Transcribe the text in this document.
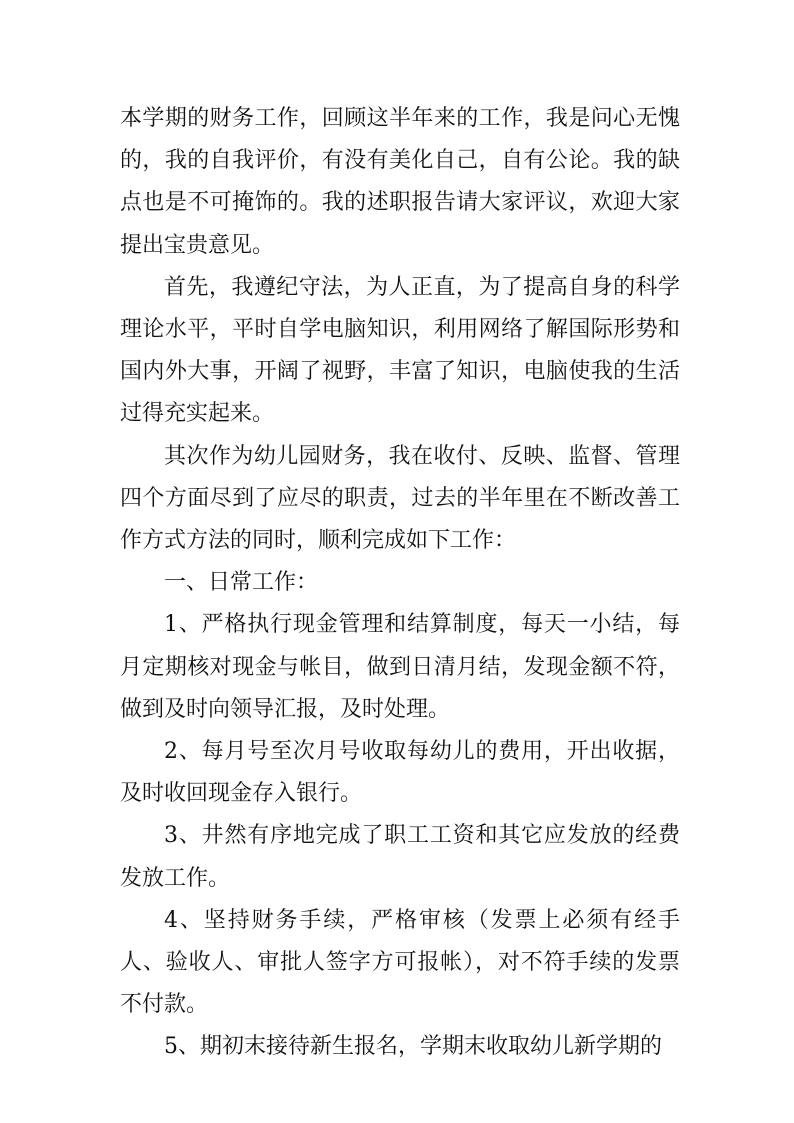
本学期的财务工作，回顾这半年来的工作，我是问心无愧的，我的自我评价，有没有美化自己，自有公论。我的缺点也是不可掩饰的。我的述职报告请大家评议，欢迎大家提出宝贵意见。

首先，我遵纪守法，为人正直，为了提高自身的科学理论水平，平时自学电脑知识，利用网络了解国际形势和国内外大事，开阔了视野，丰富了知识，电脑使我的生活过得充实起来。

其次作为幼儿园财务，我在收付、反映、监督、管理四个方面尽到了应尽的职责，过去的半年里在不断改善工作方式方法的同时，顺利完成如下工作：

一、日常工作：

1、严格执行现金管理和结算制度，每天一小结，每月定期核对现金与帐目，做到日清月结，发现金额不符，做到及时向领导汇报，及时处理。

2、每月号至次月号收取每幼儿的费用，开出收据，及时收回现金存入银行。

3、井然有序地完成了职工工资和其它应发放的经费发放工作。

4、坚持财务手续，严格审核（发票上必须有经手人、验收人、审批人签字方可报帐），对不符手续的发票不付款。

5、期初末接待新生报名，学期末收取幼儿新学期的
